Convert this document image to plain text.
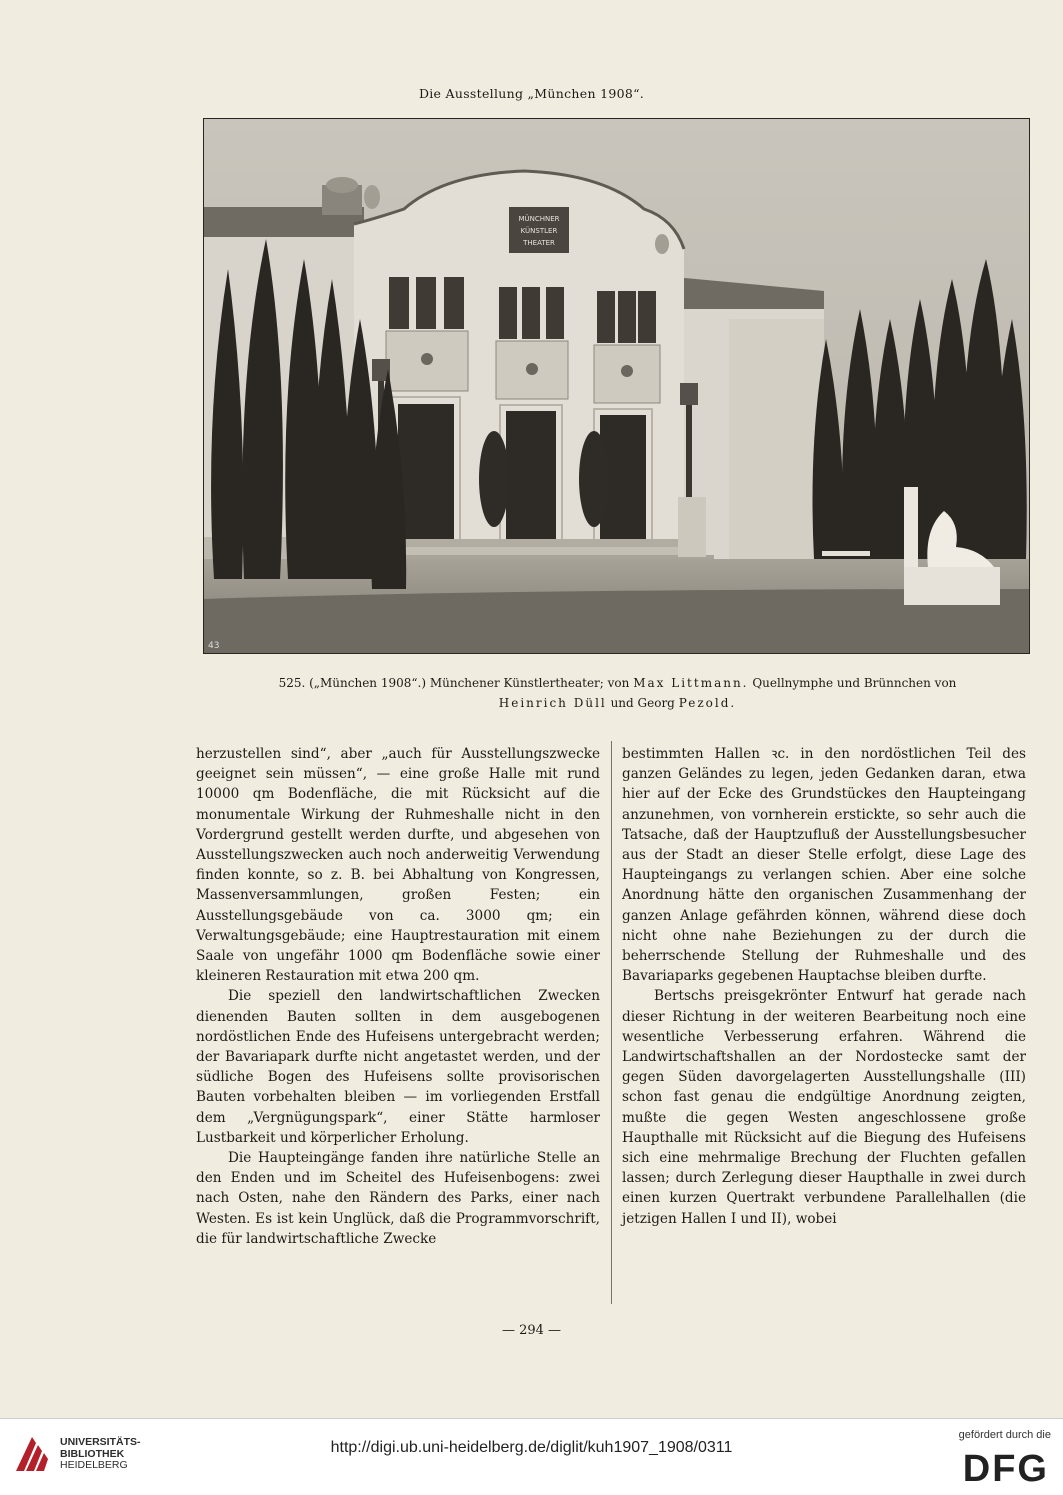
Die Ausstellung „München 1908“.
MÜNCHNER
KÜNSTLER
THEATER
43
525. („München 1908“.) Münchener Künstlertheater; von Max Littmann. Quellnymphe und Brünnchen von
Heinrich Düll und Georg Pezold.

herzustellen sind“, aber „auch für Ausstellungszwecke geeignet sein müssen“, — eine große Halle mit rund 10000 qm Bodenfläche, die mit Rücksicht auf die monumentale Wirkung der Ruhmeshalle nicht in den Vordergrund gestellt werden durfte, und abgesehen von Ausstellungszwecken auch noch anderweitig Verwendung finden konnte, so z. B. bei Abhaltung von Kongressen, Massenversammlungen, großen Festen; ein Ausstellungsgebäude von ca. 3000 qm; ein Verwaltungsgebäude; eine Hauptrestauration mit einem Saale von ungefähr 1000 qm Bodenfläche sowie einer kleineren Restauration mit etwa 200 qm.

Die speziell den landwirtschaftlichen Zwecken dienenden Bauten sollten in dem ausgebogenen nordöstlichen Ende des Hufeisens untergebracht werden; der Bavariapark durfte nicht angetastet werden, und der südliche Bogen des Hufeisens sollte provisorischen Bauten vorbehalten bleiben — im vorliegenden Erstfall dem „Vergnügungspark“, einer Stätte harmloser Lustbarkeit und körperlicher Erholung.

Die Haupteingänge fanden ihre natürliche Stelle an den Enden und im Scheitel des Hufeisenbogens: zwei nach Osten, nahe den Rändern des Parks, einer nach Westen. Es ist kein Unglück, daß die Programmvorschrift, die für landwirtschaftliche Zwecke

bestimmten Hallen ꝛc. in den nordöstlichen Teil des ganzen Geländes zu legen, jeden Gedanken daran, etwa hier auf der Ecke des Grundstückes den Haupteingang anzunehmen, von vornherein erstickte, so sehr auch die Tatsache, daß der Hauptzufluß der Ausstellungsbesucher aus der Stadt an dieser Stelle erfolgt, diese Lage des Haupteingangs zu verlangen schien. Aber eine solche Anordnung hätte den organischen Zusammenhang der ganzen Anlage gefährden können, während diese doch nicht ohne nahe Beziehungen zu der durch die beherrschende Stellung der Ruhmeshalle und des Bavariaparks gegebenen Hauptachse bleiben durfte.

Bertschs preisgekrönter Entwurf hat gerade nach dieser Richtung in der weiteren Bearbeitung noch eine wesentliche Verbesserung erfahren. Während die Landwirtschaftshallen an der Nordostecke samt der gegen Süden davorgelagerten Ausstellungshalle (III) schon fast genau die endgültige Anordnung zeigten, mußte die gegen Westen angeschlossene große Haupthalle mit Rücksicht auf die Biegung des Hufeisens sich eine mehrmalige Brechung der Fluchten gefallen lassen; durch Zerlegung dieser Haupthalle in zwei durch einen kurzen Quertrakt verbundene Parallelhallen (die jetzigen Hallen I und II), wobei

— 294 —
UNIVERSITÄTS-
BIBLIOTHEK
HEIDELBERG
http://digi.ub.uni-heidelberg.de/diglit/kuh1907_1908/0311
gefördert durch die
DFG
